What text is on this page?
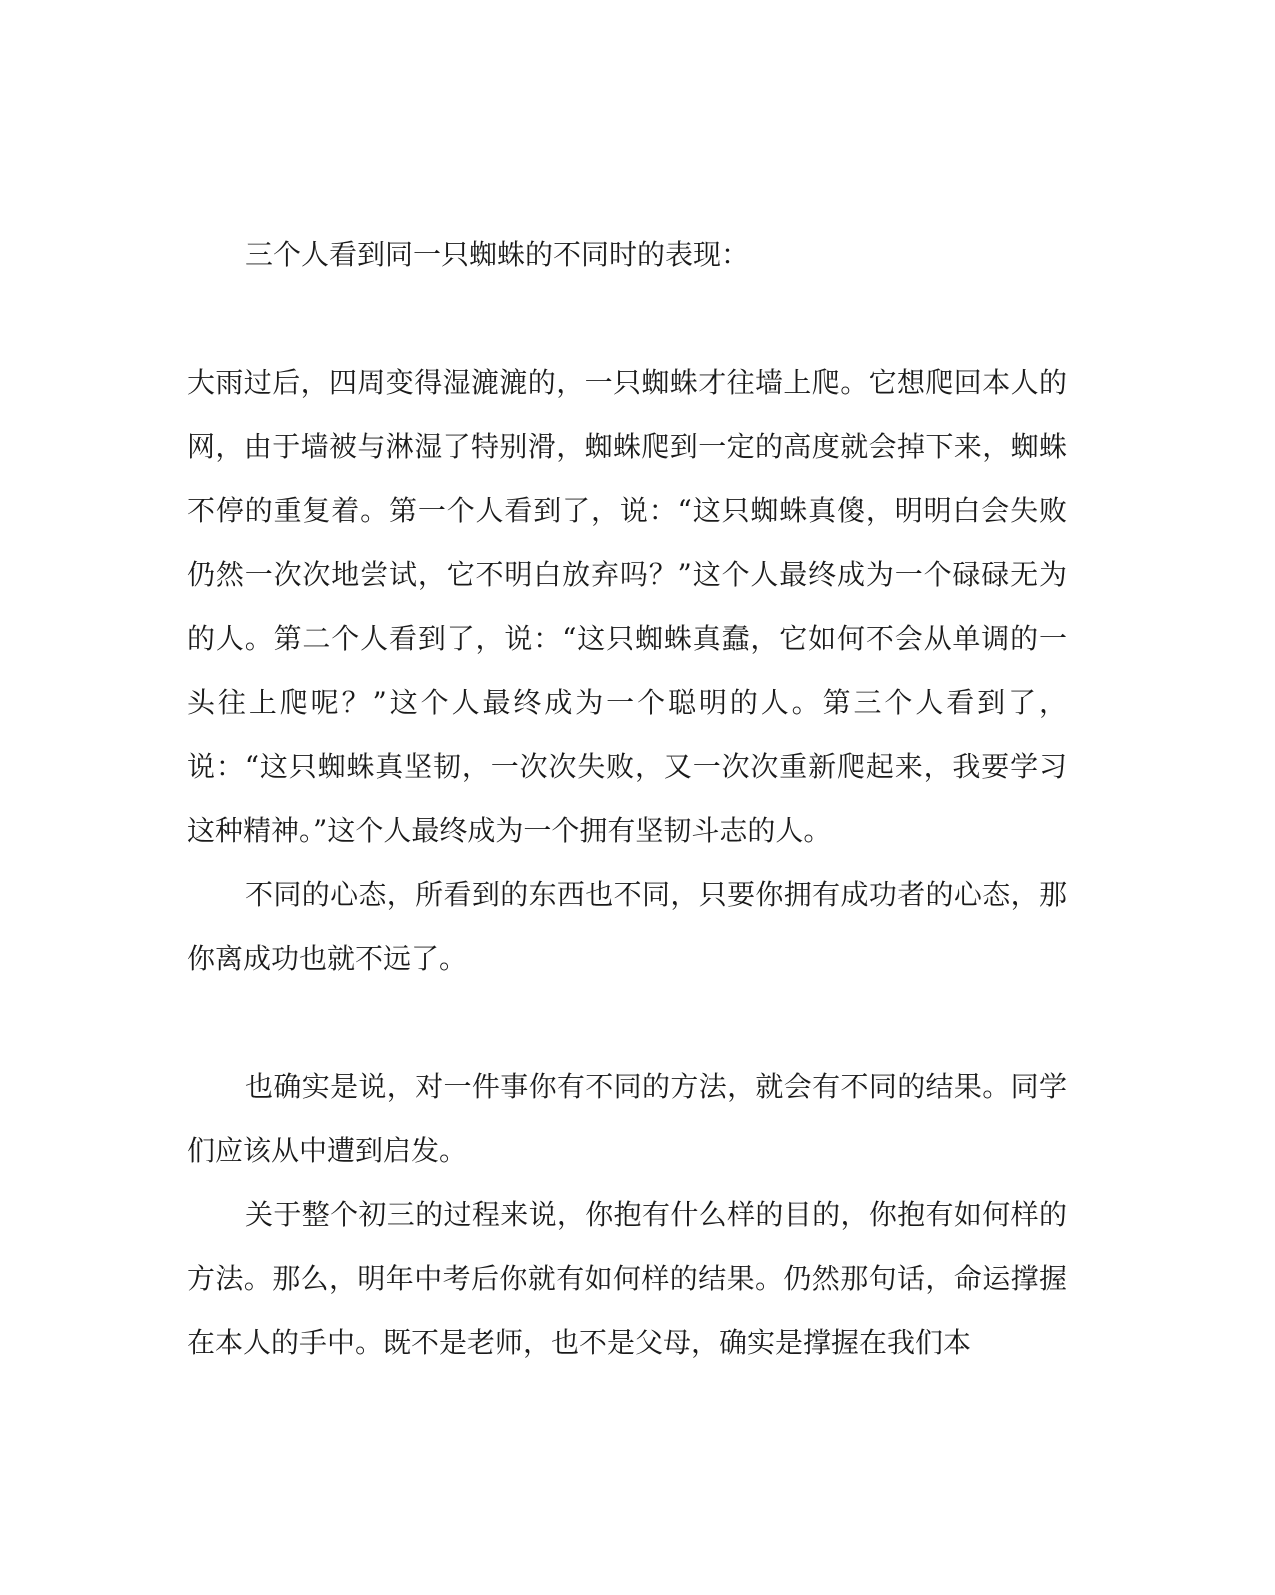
三个人看到同一只蜘蛛的不同时的表现：

大雨过后，四周变得湿漉漉的，一只蜘蛛才往墙上爬。它想爬回本人的网，由于墙被与淋湿了特别滑，蜘蛛爬到一定的高度就会掉下来，蜘蛛不停的重复着。第一个人看到了，说：“这只蜘蛛真傻，明明白会失败仍然一次次地尝试，它不明白放弃吗？”这个人最终成为一个碌碌无为的人。第二个人看到了，说：“这只蜘蛛真蠢，它如何不会从单调的一头往上爬呢？”这个人最终成为一个聪明的人。第三个人看到了，说：“这只蜘蛛真坚韧，一次次失败，又一次次重新爬起来，我要学习这种精神。”这个人最终成为一个拥有坚韧斗志的人。

不同的心态，所看到的东西也不同，只要你拥有成功者的心态，那你离成功也就不远了。

也确实是说，对一件事你有不同的方法，就会有不同的结果。同学们应该从中遭到启发。

关于整个初三的过程来说，你抱有什么样的目的，你抱有如何样的方法。那么，明年中考后你就有如何样的结果。仍然那句话，命运撑握在本人的手中。既不是老师，也不是父母，确实是撑握在我们本
